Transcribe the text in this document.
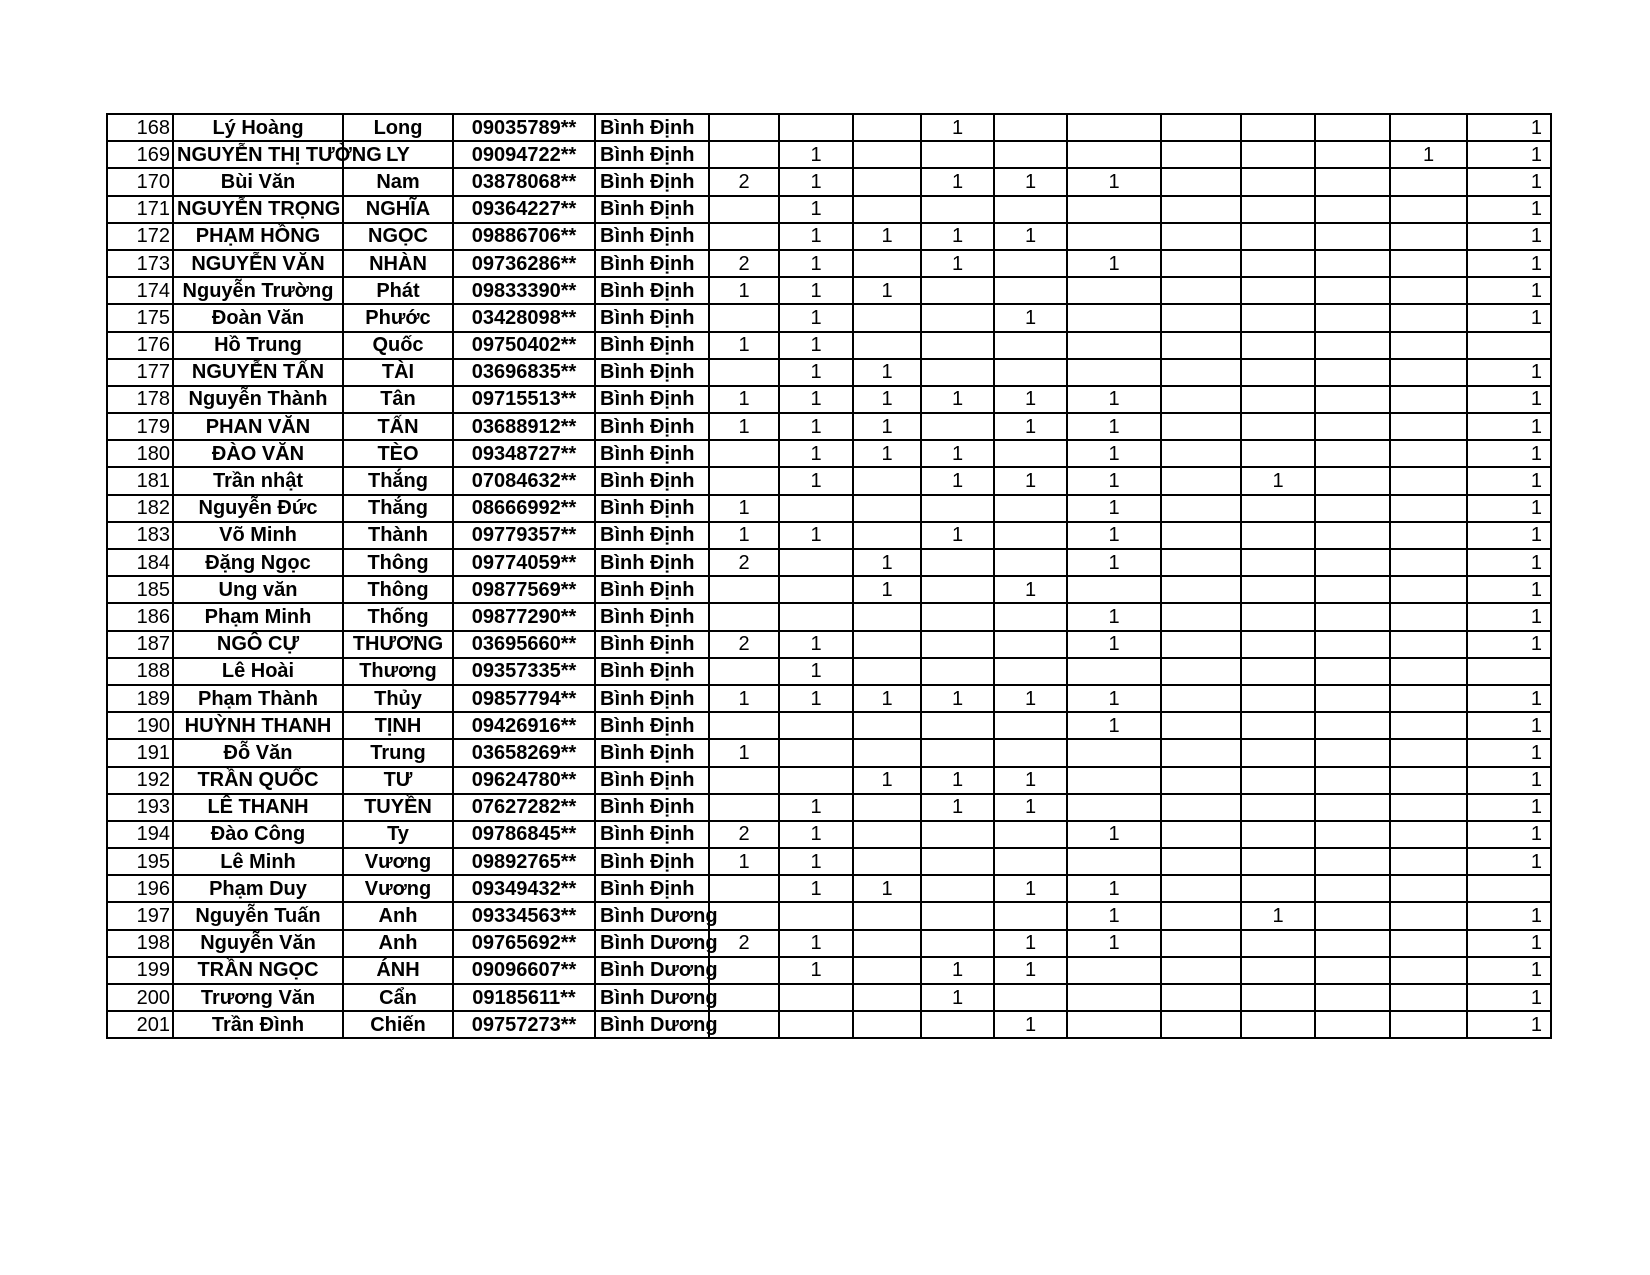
168	Lý Hoàng	Long	09035789**	Bình Định				1							1
169	NGUYỄN THỊ TƯỜNG	LY	09094722**	Bình Định		1								1	1
170	Bùi Văn	Nam	03878068**	Bình Định	2	1		1	1	1					1
171	NGUYỄN TRỌNG	NGHĨA	09364227**	Bình Định		1									1
172	PHẠM HỒNG	NGỌC	09886706**	Bình Định		1	1	1	1						1
173	NGUYỄN VĂN	NHÀN	09736286**	Bình Định	2	1		1		1					1
174	Nguyễn Trường	Phát	09833390**	Bình Định	1	1	1								1
175	Đoàn Văn	Phước	03428098**	Bình Định		1			1						1
176	Hồ Trung	Quốc	09750402**	Bình Định	1	1									
177	NGUYỄN TẤN	TÀI	03696835**	Bình Định		1	1								1
178	Nguyễn Thành	Tân	09715513**	Bình Định	1	1	1	1	1	1					1
179	PHAN VĂN	TẤN	03688912**	Bình Định	1	1	1		1	1					1
180	ĐÀO VĂN	TÈO	09348727**	Bình Định		1	1	1		1					1
181	Trần nhật	Thắng	07084632**	Bình Định		1		1	1	1		1			1
182	Nguyễn Đức	Thắng	08666992**	Bình Định	1					1					1
183	Võ Minh	Thành	09779357**	Bình Định	1	1		1		1					1
184	Đặng Ngọc	Thông	09774059**	Bình Định	2		1			1					1
185	Ung văn	Thông	09877569**	Bình Định			1		1						1
186	Phạm Minh	Thống	09877290**	Bình Định						1					1
187	NGÔ CỰ	THƯƠNG	03695660**	Bình Định	2	1				1					1
188	Lê Hoài	Thương	09357335**	Bình Định		1									
189	Phạm Thành	Thủy	09857794**	Bình Định	1	1	1	1	1	1					1
190	HUỲNH THANH	TỊNH	09426916**	Bình Định						1					1
191	Đỗ Văn	Trung	03658269**	Bình Định	1										1
192	TRẦN QUỐC	TƯ	09624780**	Bình Định			1	1	1						1
193	LÊ THANH	TUYỀN	07627282**	Bình Định		1		1	1						1
194	Đào Công	Ty	09786845**	Bình Định	2	1				1					1
195	Lê Minh	Vương	09892765**	Bình Định	1	1									1
196	Phạm Duy	Vương	09349432**	Bình Định		1	1		1	1					
197	Nguyễn Tuấn	Anh	09334563**	Bình Dương						1		1			1
198	Nguyễn Văn	Anh	09765692**	Bình Dương	2	1			1	1					1
199	TRẦN NGỌC	ÁNH	09096607**	Bình Dương		1		1	1						1
200	Trương Văn	Cẩn	09185611**	Bình Dương				1							1
201	Trần Đình	Chiến	09757273**	Bình Dương					1						1
